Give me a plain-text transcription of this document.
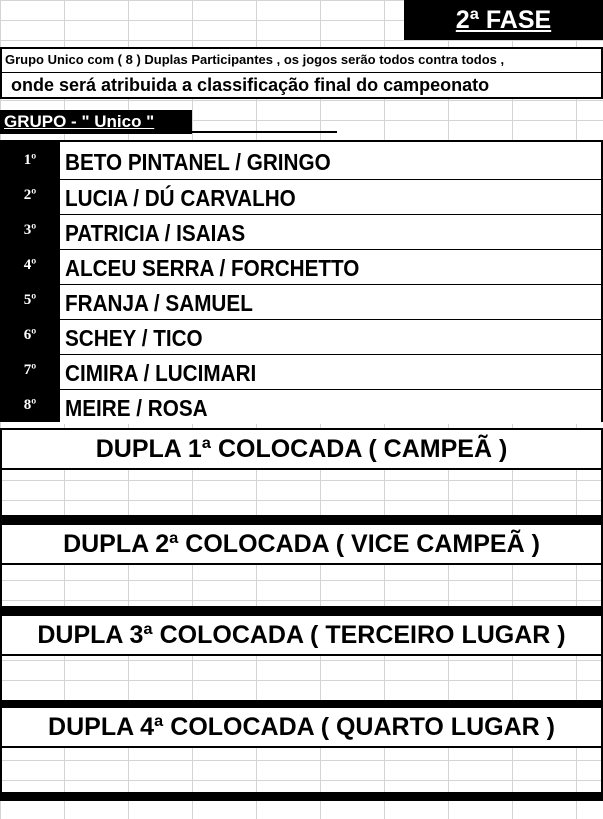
2ª FASE
Grupo Unico com ( 8 ) Duplas Participantes , os jogos serão todos contra todos ,
onde será atribuida a classificação final do campeonato
GRUPO - " Unico "
1º	BETO PINTANEL / GRINGO
2º	LUCIA / DÚ CARVALHO
3º	PATRICIA / ISAIAS
4º	ALCEU SERRA / FORCHETTO
5º	FRANJA / SAMUEL
6º	SCHEY / TICO
7º	CIMIRA / LUCIMARI
8º	MEIRE / ROSA
DUPLA 1ª COLOCADA ( CAMPEÃ )
DUPLA 2ª COLOCADA ( VICE CAMPEÃ )
DUPLA 3ª COLOCADA ( TERCEIRO LUGAR )
DUPLA 4ª COLOCADA ( QUARTO LUGAR )
